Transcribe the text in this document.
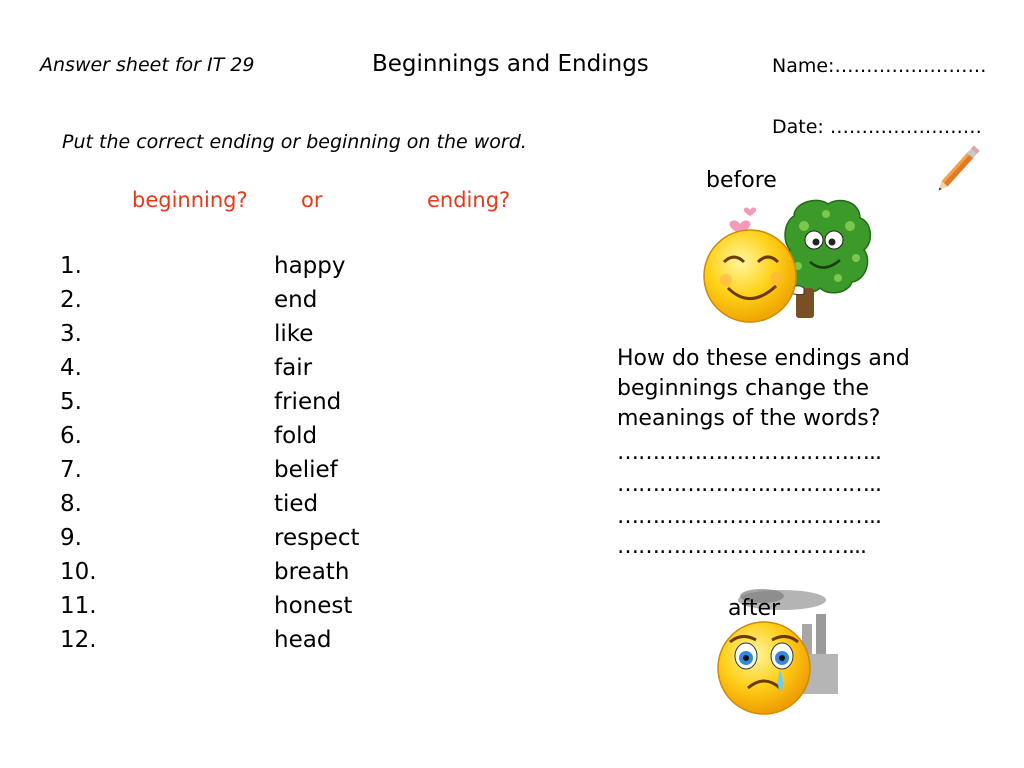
Answer sheet for IT 29	Beginnings and Endings	Name:……………………
Date: ……………………
Put the correct ending or beginning on the word.
beginning?	or	ending?
1.	happy
2.	end
3.	like
4.	fair
5.	friend
6.	fold
7.	belief
8.	tied
9.	respect
10.	breath
11.	honest
12.	head
before
How do these endings and beginnings change the meanings of the words?
………………………………..
………………………………..
………………………………..
……………………………...
after
